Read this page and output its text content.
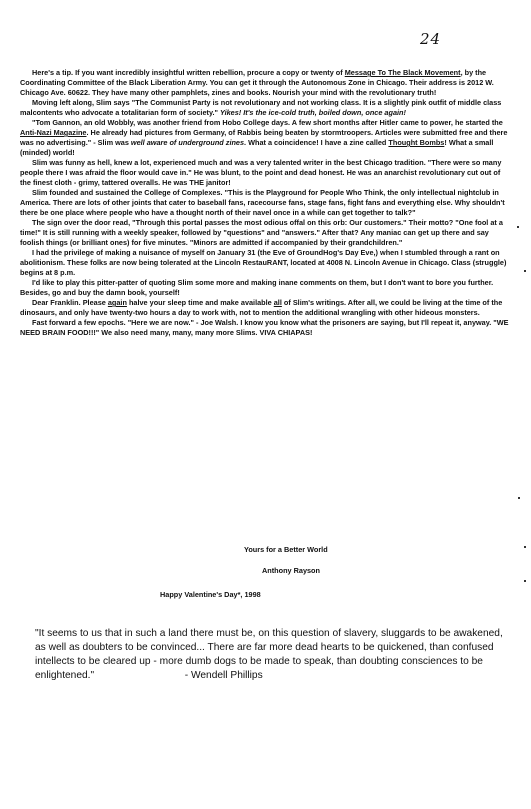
24

Here's a tip. If you want incredibly insightful written rebellion, procure a copy or twenty of Message To The Black Movement, by the Coordinating Committee of the Black Liberation Army. You can get it through the Autonomous Zone in Chicago. Their address is 2012 W. Chicago Ave. 60622. They have many other pamphlets, zines and books. Nourish your mind with the revolutionary truth!

Moving left along, Slim says "The Communist Party is not revolutionary and not working class. It is a slightly pink outfit of middle class malcontents who advocate a totalitarian form of society." Yikes! It's the ice-cold truth, boiled down, once again!

"Tom Gannon, an old Wobbly, was another friend from Hobo College days. A few short months after Hitler came to power, he started the Anti-Nazi Magazine. He already had pictures from Germany, of Rabbis being beaten by stormtroopers. Articles were submitted free and there was no advertising." - Slim was well aware of underground zines. What a coincidence! I have a zine called Thought Bombs! What a small (minded) world!

Slim was funny as hell, knew a lot, experienced much and was a very talented writer in the best Chicago tradition. "There were so many people there I was afraid the floor would cave in." He was blunt, to the point and dead honest. He was an anarchist revolutionary cut out of the finest cloth - grimy, tattered overalls. He was THE janitor!

Slim founded and sustained the College of Complexes. "This is the Playground for People Who Think, the only intellectual nightclub in America. There are lots of other joints that cater to baseball fans, racecourse fans, stage fans, fight fans and everything else. Why shouldn't there be one place where people who have a thought north of their navel once in a while can get together to talk?"

The sign over the door read, "Through this portal passes the most odious offal on this orb: Our customers." Their motto? "One fool at a time!" It is still running with a weekly speaker, followed by "questions" and "answers." After that? Any maniac can get up there and say foolish things (or brilliant ones) for five minutes. "Minors are admitted if accompanied by their grandchildren."

I had the privilege of making a nuisance of myself on January 31 (the Eve of GroundHog's Day Eve,) when I stumbled through a rant on abolitionism. These folks are now being tolerated at the Lincoln RestauRANT, located at 4008 N. Lincoln Avenue in Chicago. Class (struggle) begins at 8 p.m.

I'd like to play this pitter-patter of quoting Slim some more and making inane comments on them, but I don't want to bore you further. Besides, go and buy the damn book, yourself!

Dear Franklin. Please again halve your sleep time and make available all of Slim's writings. After all, we could be living at the time of the dinosaurs, and only have twenty-two hours a day to work with, not to mention the additional wrangling with other hideous monsters.

Fast forward a few epochs. "Here we are now." - Joe Walsh. I know you know what the prisoners are saying, but I'll repeat it, anyway. "WE NEED BRAIN FOOD!!!" We also need many, many, many more Slims. VIVA CHIAPAS!

Yours for a Better World
Anthony Rayson
Happy Valentine's Day*, 1998
"It seems to us that in such a land there must be, on this question of slavery, sluggards to be awakened, as well as doubters to be convinced... There are far more dead hearts to be quickened, than confused intellects to be cleared up - more dumb dogs to be made to speak, than doubting consciences to be enlightened."	- Wendell Phillips
